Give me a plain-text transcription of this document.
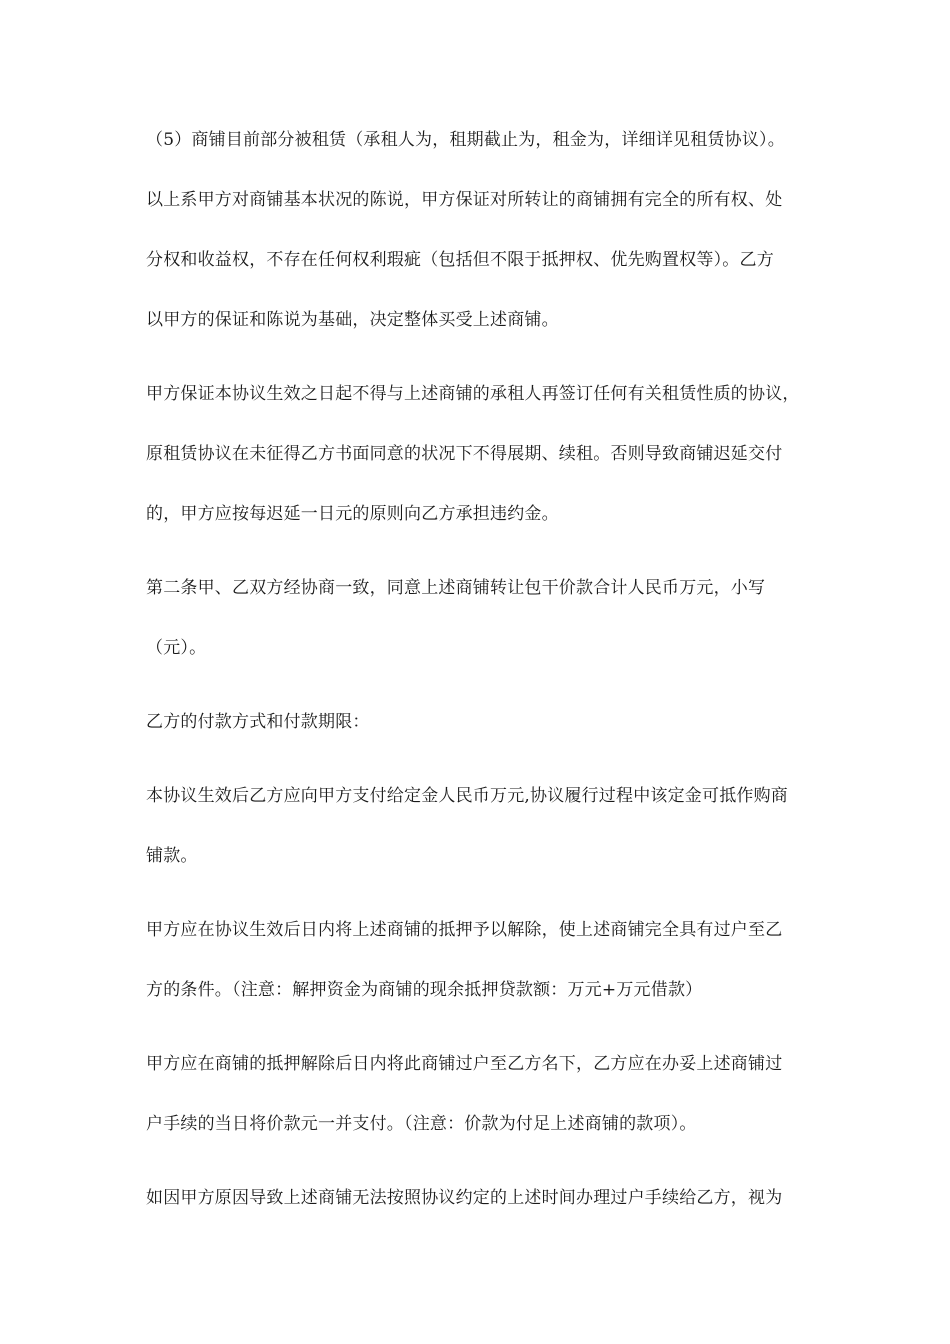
（5）商铺目前部分被租赁（承租人为，租期截止为，租金为，详细详见租赁协议）。
以上系甲方对商铺基本状况的陈说，甲方保证对所转让的商铺拥有完全的所有权、处
分权和收益权，不存在任何权利瑕疵（包括但不限于抵押权、优先购置权等）。乙方
以甲方的保证和陈说为基础，决定整体买受上述商铺。
甲方保证本协议生效之日起不得与上述商铺的承租人再签订任何有关租赁性质的协议，
原租赁协议在未征得乙方书面同意的状况下不得展期、续租。否则导致商铺迟延交付
的，甲方应按每迟延一日元的原则向乙方承担违约金。
第二条甲、乙双方经协商一致，同意上述商铺转让包干价款合计人民币万元，小写
（元）。
乙方的付款方式和付款期限：
本协议生效后乙方应向甲方支付给定金人民币万元,协议履行过程中该定金可抵作购商
铺款。
甲方应在协议生效后日内将上述商铺的抵押予以解除，使上述商铺完全具有过户至乙
方的条件。（注意：解押资金为商铺的现余抵押贷款额：万元+万元借款）
甲方应在商铺的抵押解除后日内将此商铺过户至乙方名下，乙方应在办妥上述商铺过
户手续的当日将价款元一并支付。（注意：价款为付足上述商铺的款项）。
如因甲方原因导致上述商铺无法按照协议约定的上述时间办理过户手续给乙方，视为
